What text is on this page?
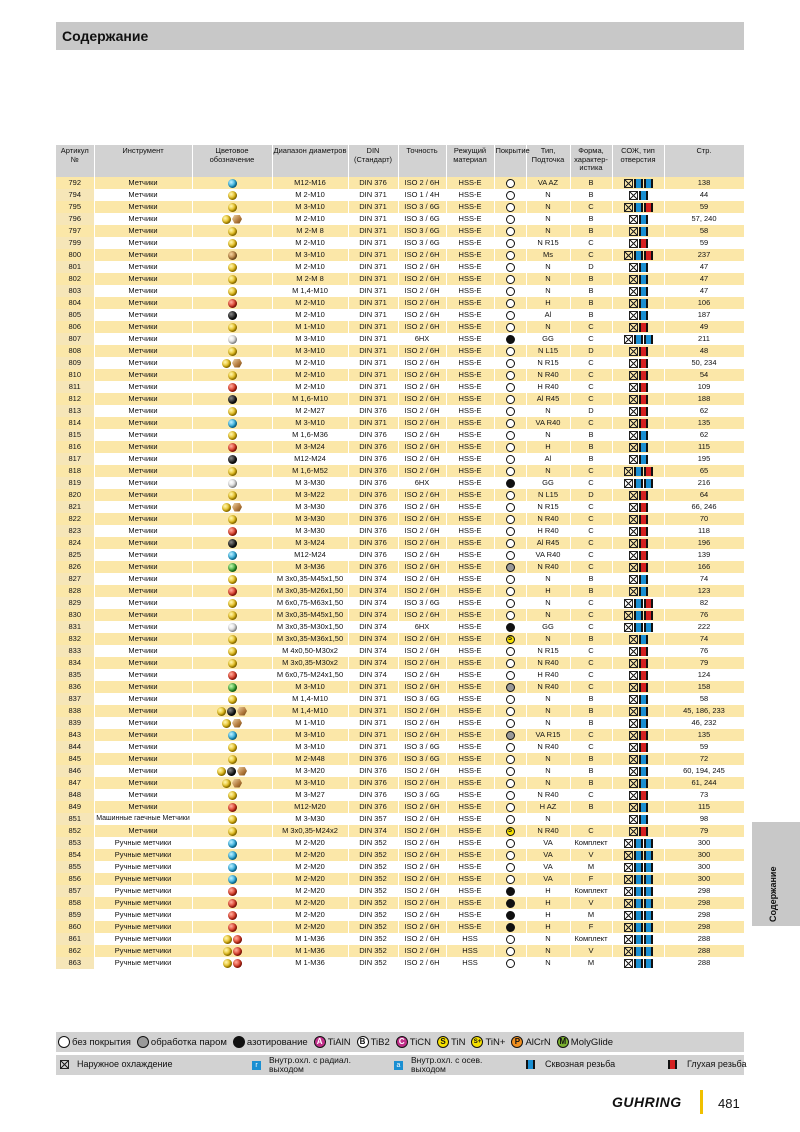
Содержание
Артикул №	Инструмент	Цветовое обозначение	Диапазон диаметров	DIN (Стандарт)	Точность	Режущий материал	Покрытие	Тип, Подточка	Форма, характер-истика	СОЖ, тип отверстия	Стр.
792	Метчики		M12-M16	DIN 376	ISO 2 / 6H	HSS-E		VA AZ	B		138
794	Метчики		M 2-M10	DIN 371	ISO 1 / 4H	HSS-E		N	B		44
795	Метчики		M 3-M10	DIN 371	ISO 3 / 6G	HSS-E		N	C		59
796	Метчики		M 2-M10	DIN 371	ISO 3 / 6G	HSS-E		N	B		57, 240
797	Метчики		M 2-M 8	DIN 371	ISO 3 / 6G	HSS-E		N	B		58
799	Метчики		M 2-M10	DIN 371	ISO 3 / 6G	HSS-E		N R15	C		59
800	Метчики		M 3-M10	DIN 371	ISO 2 / 6H	HSS-E		Ms	C		237
801	Метчики		M 2-M10	DIN 371	ISO 2 / 6H	HSS-E		N	D		47
802	Метчики		M 2-M 8	DIN 371	ISO 2 / 6H	HSS-E		N	B		47
803	Метчики		M 1,4-M10	DIN 371	ISO 2 / 6H	HSS-E		N	B		47
804	Метчики		M 2-M10	DIN 371	ISO 2 / 6H	HSS-E		H	B		106
805	Метчики		M 2-M10	DIN 371	ISO 2 / 6H	HSS-E		Al	B		187
806	Метчики		M 1-M10	DIN 371	ISO 2 / 6H	HSS-E		N	C		49
807	Метчики		M 3-M10	DIN 371	6HX	HSS-E		GG	C		211
808	Метчики		M 3-M10	DIN 371	ISO 2 / 6H	HSS-E		N L15	D		48
809	Метчики		M 2-M10	DIN 371	ISO 2 / 6H	HSS-E		N R15	C		50, 234
810	Метчики		M 2-M10	DIN 371	ISO 2 / 6H	HSS-E		N R40	C		54
811	Метчики		M 2-M10	DIN 371	ISO 2 / 6H	HSS-E		H R40	C		109
812	Метчики		M 1,6-M10	DIN 371	ISO 2 / 6H	HSS-E		Al R45	C		188
813	Метчики		M 2-M27	DIN 376	ISO 2 / 6H	HSS-E		N	D		62
814	Метчики		M 3-M10	DIN 371	ISO 2 / 6H	HSS-E		VA R40	C		135
815	Метчики		M 1,6-M36	DIN 376	ISO 2 / 6H	HSS-E		N	B		62
816	Метчики		M 3-M24	DIN 376	ISO 2 / 6H	HSS-E		H	B		115
817	Метчики		M12-M24	DIN 376	ISO 2 / 6H	HSS-E		Al	B		195
818	Метчики		M 1,6-M52	DIN 376	ISO 2 / 6H	HSS-E		N	C		65
819	Метчики		M 3-M30	DIN 376	6HX	HSS-E		GG	C		216
820	Метчики		M 3-M22	DIN 376	ISO 2 / 6H	HSS-E		N L15	D		64
821	Метчики		M 3-M30	DIN 376	ISO 2 / 6H	HSS-E		N R15	C		66, 246
822	Метчики		M 3-M30	DIN 376	ISO 2 / 6H	HSS-E		N R40	C		70
823	Метчики		M 3-M30	DIN 376	ISO 2 / 6H	HSS-E		H R40	C		118
824	Метчики		M 3-M24	DIN 376	ISO 2 / 6H	HSS-E		Al R45	C		196
825	Метчики		M12-M24	DIN 376	ISO 2 / 6H	HSS-E		VA R40	C		139
826	Метчики		M 3-M36	DIN 376	ISO 2 / 6H	HSS-E		N R40	C		166
827	Метчики		M 3x0,35-M45x1,50	DIN 374	ISO 2 / 6H	HSS-E		N	B		74
828	Метчики		M 3x0,35-M26x1,50	DIN 374	ISO 2 / 6H	HSS-E		H	B		123
829	Метчики		M 6x0,75-M63x1,50	DIN 374	ISO 3 / 6G	HSS-E		N	C		82
830	Метчики		M 3x0,35-M45x1,50	DIN 374	ISO 2 / 6H	HSS-E		N	C		76
831	Метчики		M 3x0,35-M30x1,50	DIN 374	6HX	HSS-E		GG	C		222
832	Метчики		M 3x0,35-M36x1,50	DIN 374	ISO 2 / 6H	HSS-E	S	N	B		74
833	Метчики		M 4x0,50-M30x2	DIN 374	ISO 2 / 6H	HSS-E		N R15	C		76
834	Метчики		M 3x0,35-M30x2	DIN 374	ISO 2 / 6H	HSS-E		N R40	C		79
835	Метчики		M 6x0,75-M24x1,50	DIN 374	ISO 2 / 6H	HSS-E		H R40	C		124
836	Метчики		M 3-M10	DIN 371	ISO 2 / 6H	HSS-E		N R40	C		158
837	Метчики		M 1,4-M10	DIN 371	ISO 3 / 6G	HSS-E		N	B		58
838	Метчики		M 1,4-M10	DIN 371	ISO 2 / 6H	HSS-E		N	B		45, 186, 233
839	Метчики		M 1-M10	DIN 371	ISO 2 / 6H	HSS-E		N	B		46, 232
843	Метчики		M 3-M10	DIN 371	ISO 2 / 6H	HSS-E		VA R15	C		135
844	Метчики		M 3-M10	DIN 371	ISO 3 / 6G	HSS-E		N R40	C		59
845	Метчики		M 2-M48	DIN 376	ISO 3 / 6G	HSS-E		N	B		72
846	Метчики		M 3-M20	DIN 376	ISO 2 / 6H	HSS-E		N	B		60, 194, 245
847	Метчики		M 3-M10	DIN 376	ISO 2 / 6H	HSS-E		N	B		61, 244
848	Метчики		M 3-M27	DIN 376	ISO 3 / 6G	HSS-E		N R40	C		73
849	Метчики		M12-M20	DIN 376	ISO 2 / 6H	HSS-E		H AZ	B		115
851	Машинные гаечные Метчики		M 3-M30	DIN 357	ISO 2 / 6H	HSS-E		N			98
852	Метчики		M 3x0,35-M24x2	DIN 374	ISO 2 / 6H	HSS-E	S	N R40	C		79
853	Ручные метчики		M 2-M20	DIN 352	ISO 2 / 6H	HSS-E		VA	Комплект		300
854	Ручные метчики		M 2-M20	DIN 352	ISO 2 / 6H	HSS-E		VA	V		300
855	Ручные метчики		M 2-M20	DIN 352	ISO 2 / 6H	HSS-E		VA	M		300
856	Ручные метчики		M 2-M20	DIN 352	ISO 2 / 6H	HSS-E		VA	F		300
857	Ручные метчики		M 2-M20	DIN 352	ISO 2 / 6H	HSS-E		H	Комплект		298
858	Ручные метчики		M 2-M20	DIN 352	ISO 2 / 6H	HSS-E		H	V		298
859	Ручные метчики		M 2-M20	DIN 352	ISO 2 / 6H	HSS-E		H	M		298
860	Ручные метчики		M 2-M20	DIN 352	ISO 2 / 6H	HSS-E		H	F		298
861	Ручные метчики		M 1-M36	DIN 352	ISO 2 / 6H	HSS		N	Комплект		288
862	Ручные метчики		M 1-M36	DIN 352	ISO 2 / 6H	HSS		N	V		288
863	Ручные метчики		M 1-M36	DIN 352	ISO 2 / 6H	HSS		N	M		288
без покрытия обработка паром азотирование	A TiAlN	B TiB2	C TiCN	S TiN	S+ TiN+	P AlCrN	M MolyGlide
Наружное охлаждение	r	Внутр.охл. с радиал. выходом	a Внутр.охл. с осев. выходом	Сквозная резьба	Глухая резьба
Содержание
GUHRING	481
